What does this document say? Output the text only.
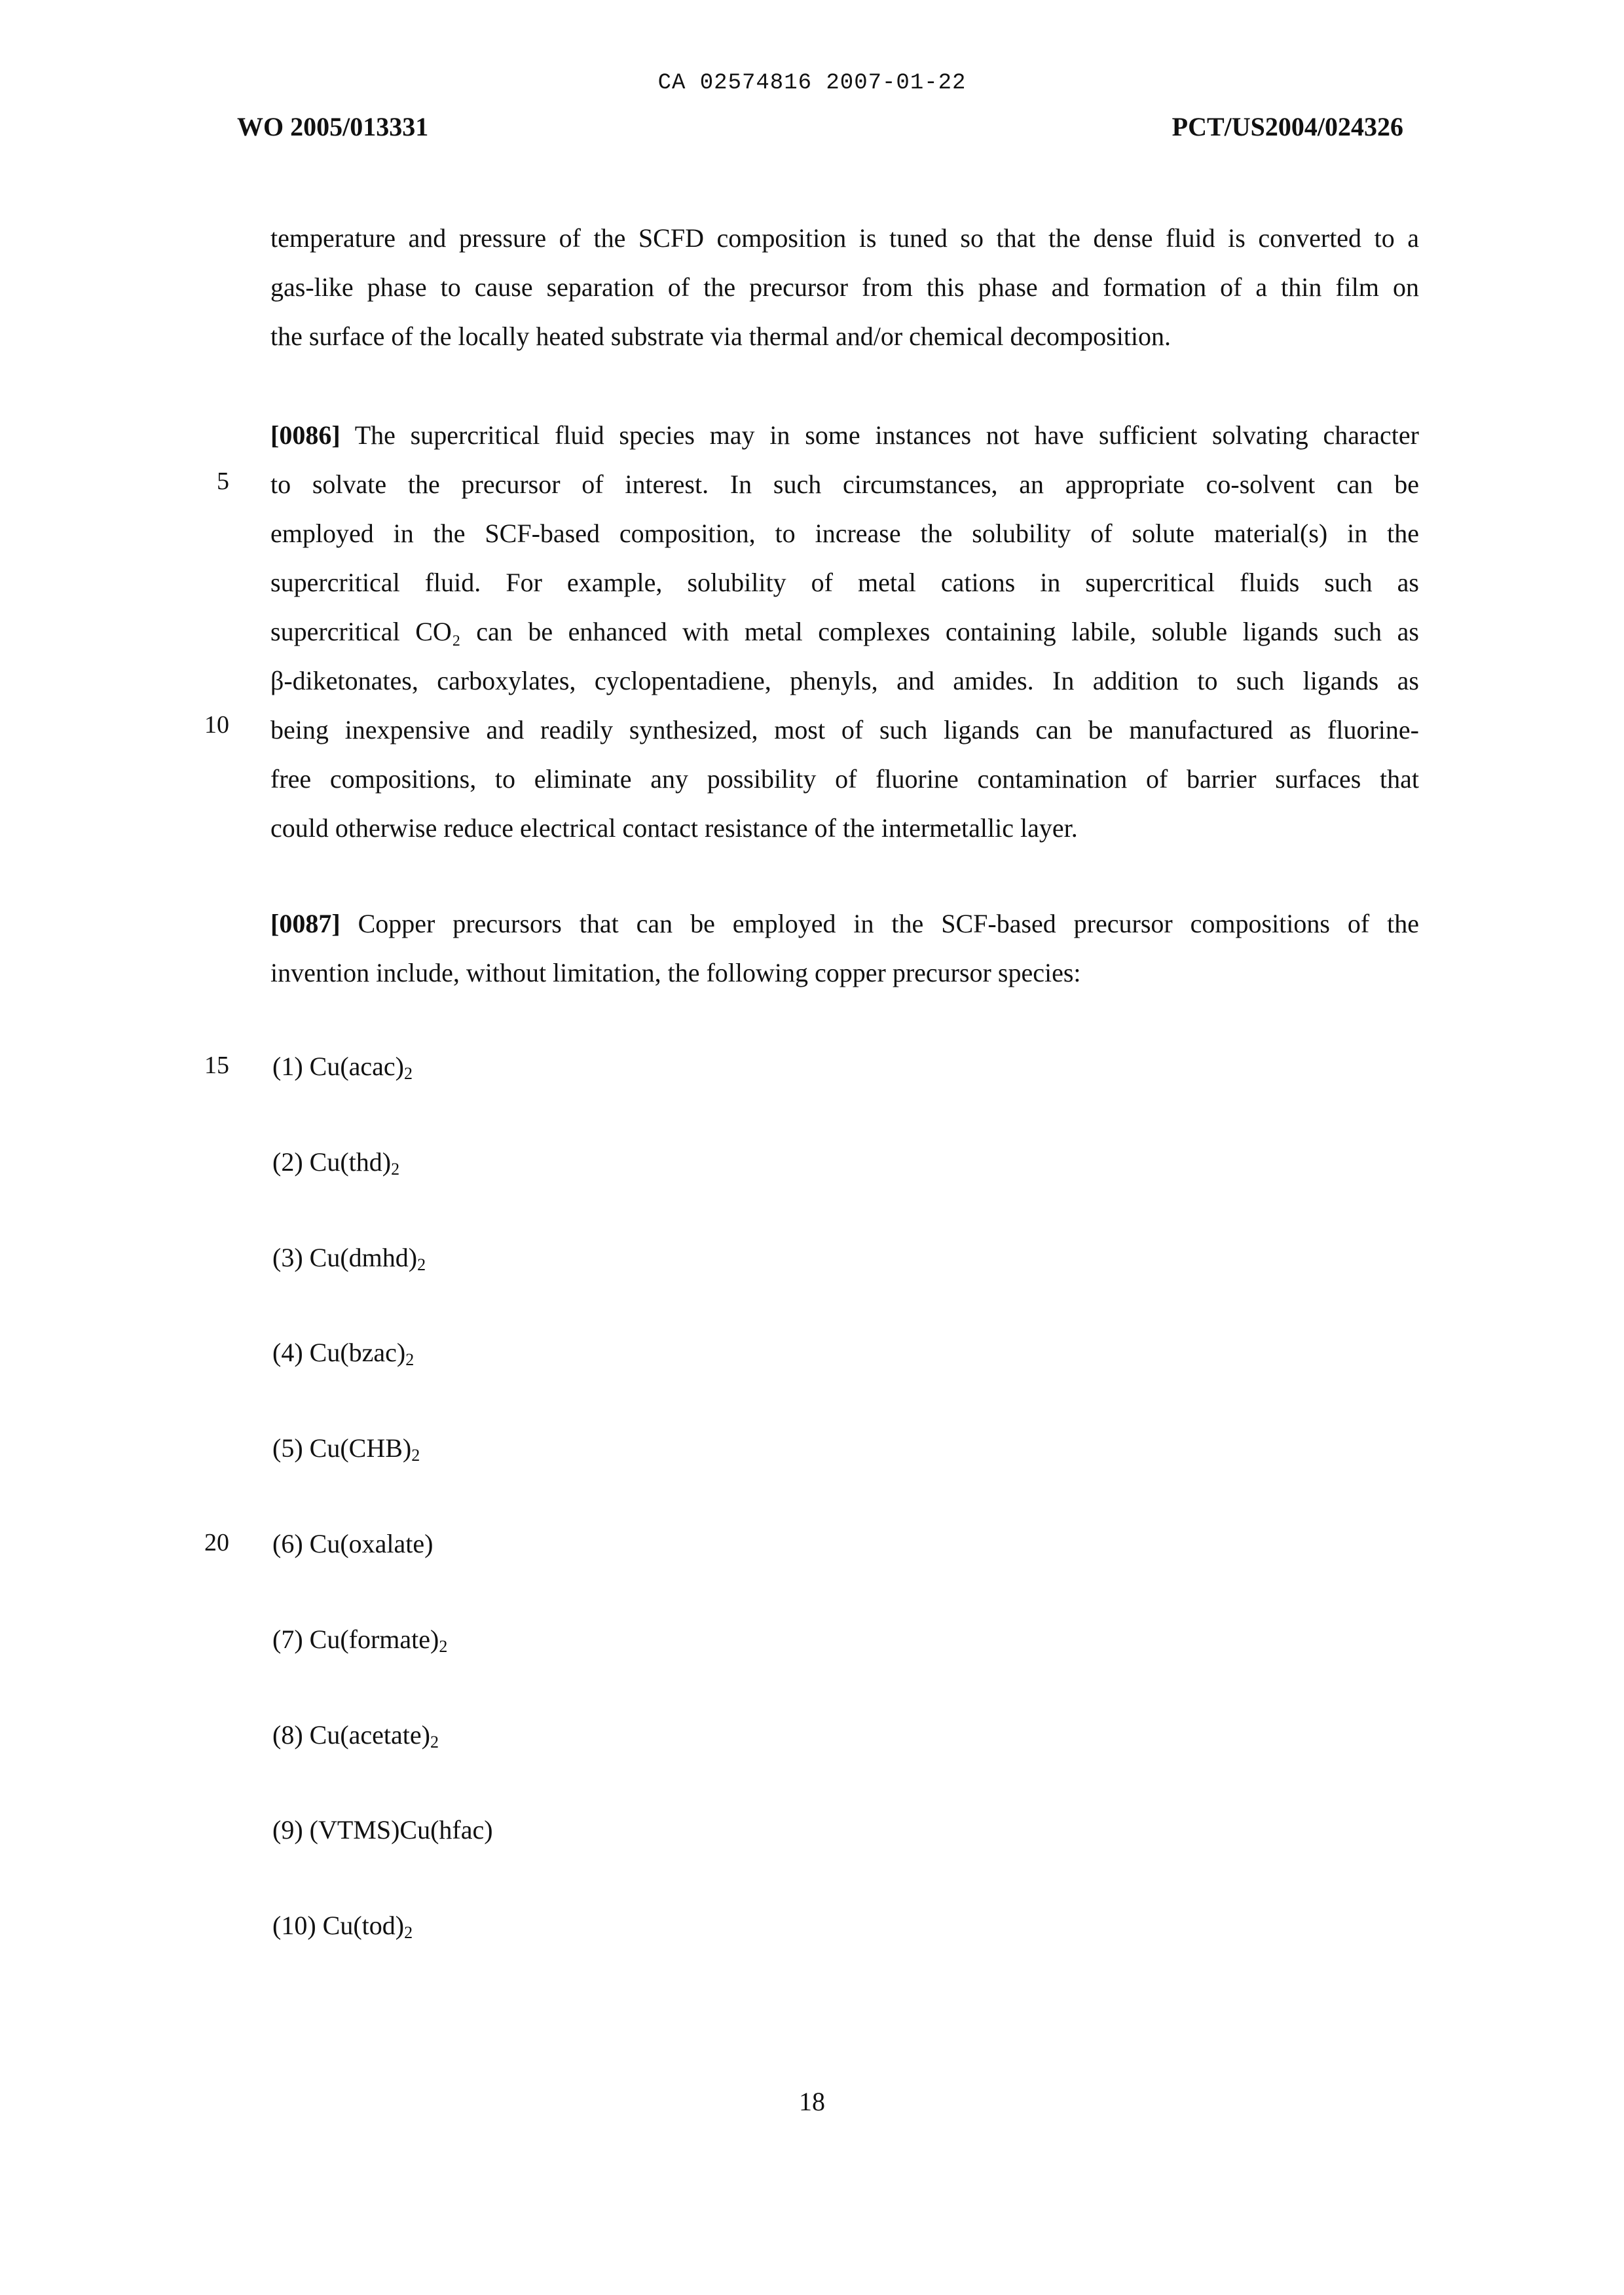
CA 02574816 2007-01-22
WO 2005/013331	PCT/US2004/024326
temperature and pressure of the SCFD composition is tuned so that the dense fluid is converted to a
gas-like phase to cause separation of the precursor from this phase and formation of a thin film on
the surface of the locally heated substrate via thermal and/or chemical decomposition.
[0086] The supercritical fluid species may in some instances not have sufficient solvating character
to solvate the precursor of interest. In such circumstances, an appropriate co-solvent can be
employed in the SCF-based composition, to increase the solubility of solute material(s) in the
supercritical fluid. For example, solubility of metal cations in supercritical fluids such as
supercritical CO₂ can be enhanced with metal complexes containing labile, soluble ligands such as
β-diketonates, carboxylates, cyclopentadiene, phenyls, and amides. In addition to such ligands as
being inexpensive and readily synthesized, most of such ligands can be manufactured as fluorine-
free compositions, to eliminate any possibility of fluorine contamination of barrier surfaces that
could otherwise reduce electrical contact resistance of the intermetallic layer.
[0087] Copper precursors that can be employed in the SCF-based precursor compositions of the
invention include, without limitation, the following copper precursor species:
5
10
15
20
(1) $Cu(acac)_2$
(2) $Cu(thd)_2$
(3) $Cu(dmhd)_2$
(4) $Cu(bzac)_2$
(5) $Cu(CHB)_2$
(6) Cu(oxalate)
(7) $Cu(formate)_2$
(8) $Cu(acetate)_2$
(9) (VTMS)Cu(hfac)
(10) $Cu(tod)_2$
18
